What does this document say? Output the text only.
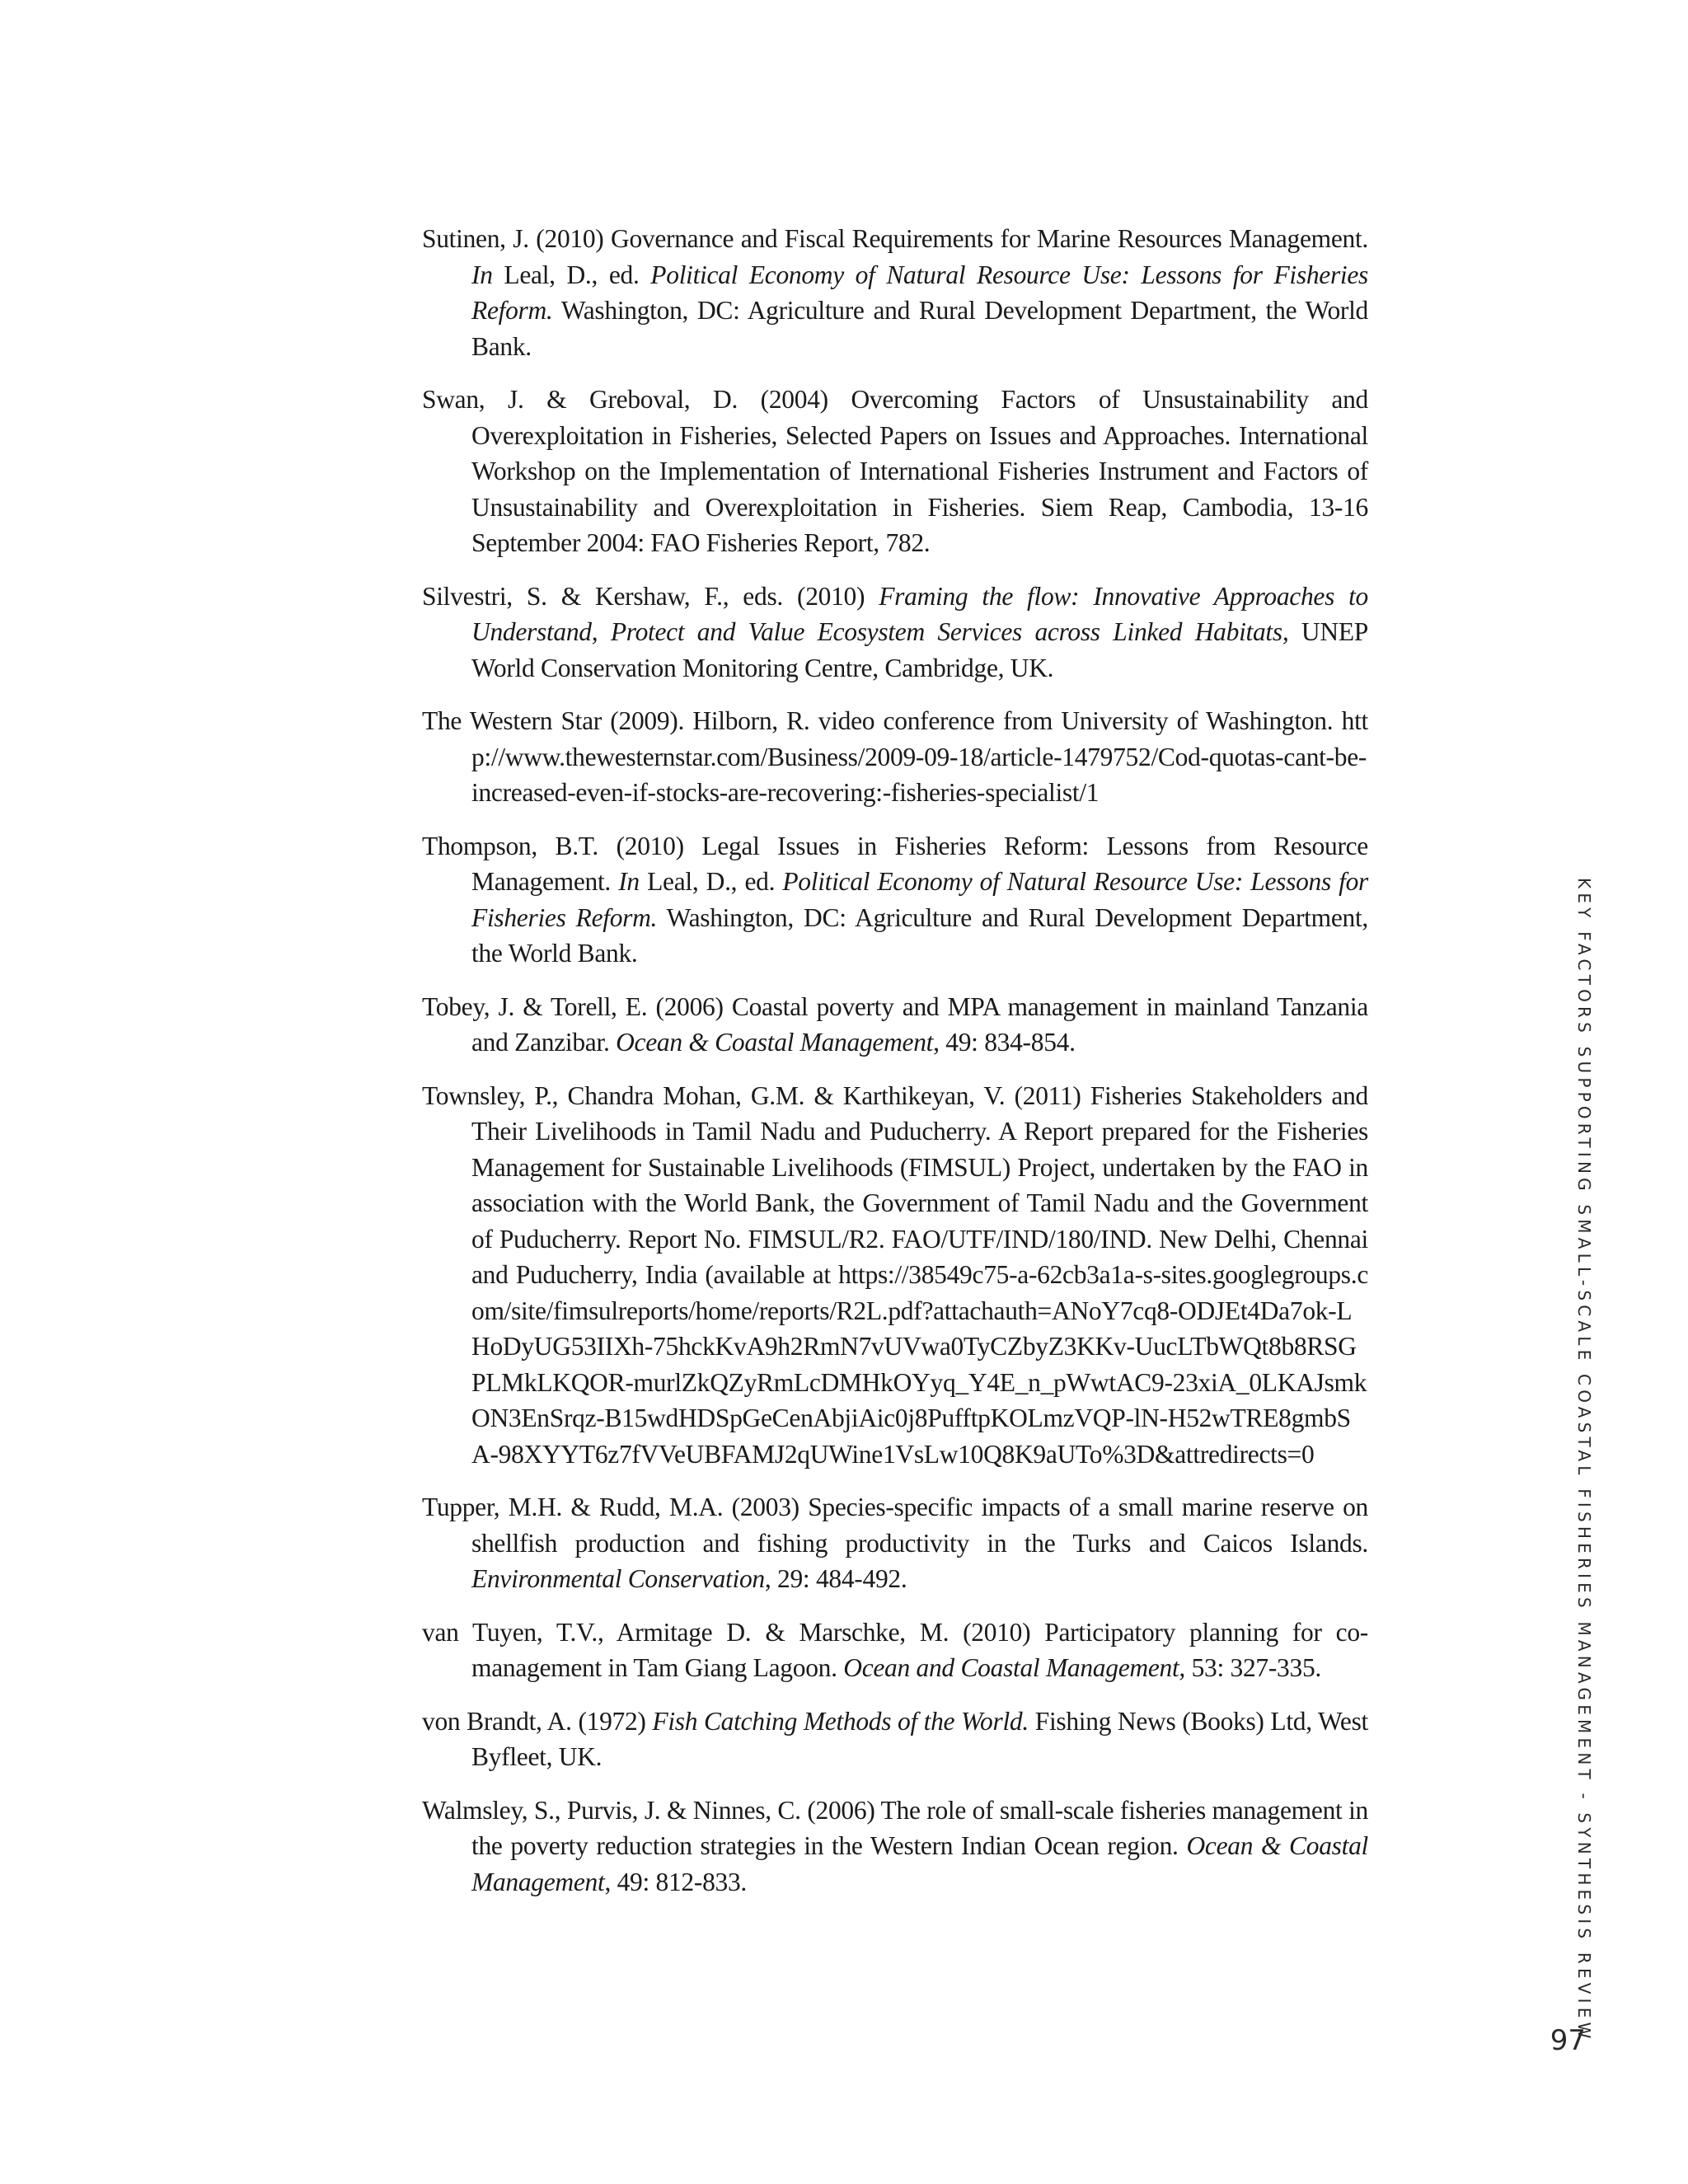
Sutinen, J. (2010) Governance and Fiscal Requirements for Marine Resources Management. In Leal, D., ed. Political Economy of Natural Resource Use: Lessons for Fisheries Reform. Washington, DC: Agriculture and Rural Development Department, the World Bank.

Swan, J. & Greboval, D. (2004) Overcoming Factors of Unsustainability and Overexploitation in Fisheries, Selected Papers on Issues and Approaches. International Workshop on the Implementation of International Fisheries Instrument and Factors of Unsustainability and Overexploitation in Fisheries. Siem Reap, Cambodia, 13-16 September 2004: FAO Fisheries Report, 782.

Silvestri, S. & Kershaw, F., eds. (2010) Framing the flow: Innovative Approaches to Understand, Protect and Value Ecosystem Services across Linked Habitats, UNEP World Conservation Monitoring Centre, Cambridge, UK.

The Western Star (2009). Hilborn, R. video conference from University of Washington. http://www.thewesternstar.com/Business/2009-09-18/article-1479752/Cod-quotas-cant-be-increased-even-if-stocks-are-recovering:-fisheries-specialist/1

Thompson, B.T. (2010) Legal Issues in Fisheries Reform: Lessons from Resource Management. In Leal, D., ed. Political Economy of Natural Resource Use: Lessons for Fisheries Reform. Washington, DC: Agriculture and Rural Development Department, the World Bank.

Tobey, J. & Torell, E. (2006) Coastal poverty and MPA management in mainland Tanzania and Zanzibar. Ocean & Coastal Management, 49: 834-854.

Townsley, P., Chandra Mohan, G.M. & Karthikeyan, V. (2011) Fisheries Stakeholders and Their Livelihoods in Tamil Nadu and Puducherry. A Report prepared for the Fisheries Management for Sustainable Livelihoods (FIMSUL) Project, undertaken by the FAO in association with the World Bank, the Government of Tamil Nadu and the Government of Puducherry. Report No. FIMSUL/R2. FAO/UTF/IND/180/IND. New Delhi, Chennai and Puducherry, India (available at https://38549c75-a-62cb3a1a-s-sites.googlegroups.com/site/fimsulreports/home/reports/R2L.pdf?attachauth=ANoY7cq8-ODJEt4Da7ok-LHoDyUG53IIXh-75hckKvA9h2RmN7vUVwa0TyCZbyZ3KKv-UucLTbWQt8b8RSGPLMkLKQOR-murlZkQZyRmLcDMHkOYyq_Y4E_n_pWwtAC9-23xiA_0LKAJsmkON3EnSrqz-B15wdHDSpGeCenAbjiAic0j8PufftpKOLmzVQP-lN-H52wTRE8gmbSA-98XYYT6z7fVVeUBFAMJ2qUWine1VsLw10Q8K9aUTo%3D&attredirects=0

Tupper, M.H. & Rudd, M.A. (2003) Species-specific impacts of a small marine reserve on shellfish production and fishing productivity in the Turks and Caicos Islands. Environmental Conservation, 29: 484-492.

van Tuyen, T.V., Armitage D. & Marschke, M. (2010) Participatory planning for co-management in Tam Giang Lagoon. Ocean and Coastal Management, 53: 327-335.

von Brandt, A. (1972) Fish Catching Methods of the World. Fishing News (Books) Ltd, West Byfleet, UK.

Walmsley, S., Purvis, J. & Ninnes, C. (2006) The role of small-scale fisheries management in the poverty reduction strategies in the Western Indian Ocean region. Ocean & Coastal Management, 49: 812-833.	KEY FACTORS SUPPORTING SMALL-SCALE COASTAL FISHERIES MANAGEMENT - SYNTHESIS REVIEW
97
